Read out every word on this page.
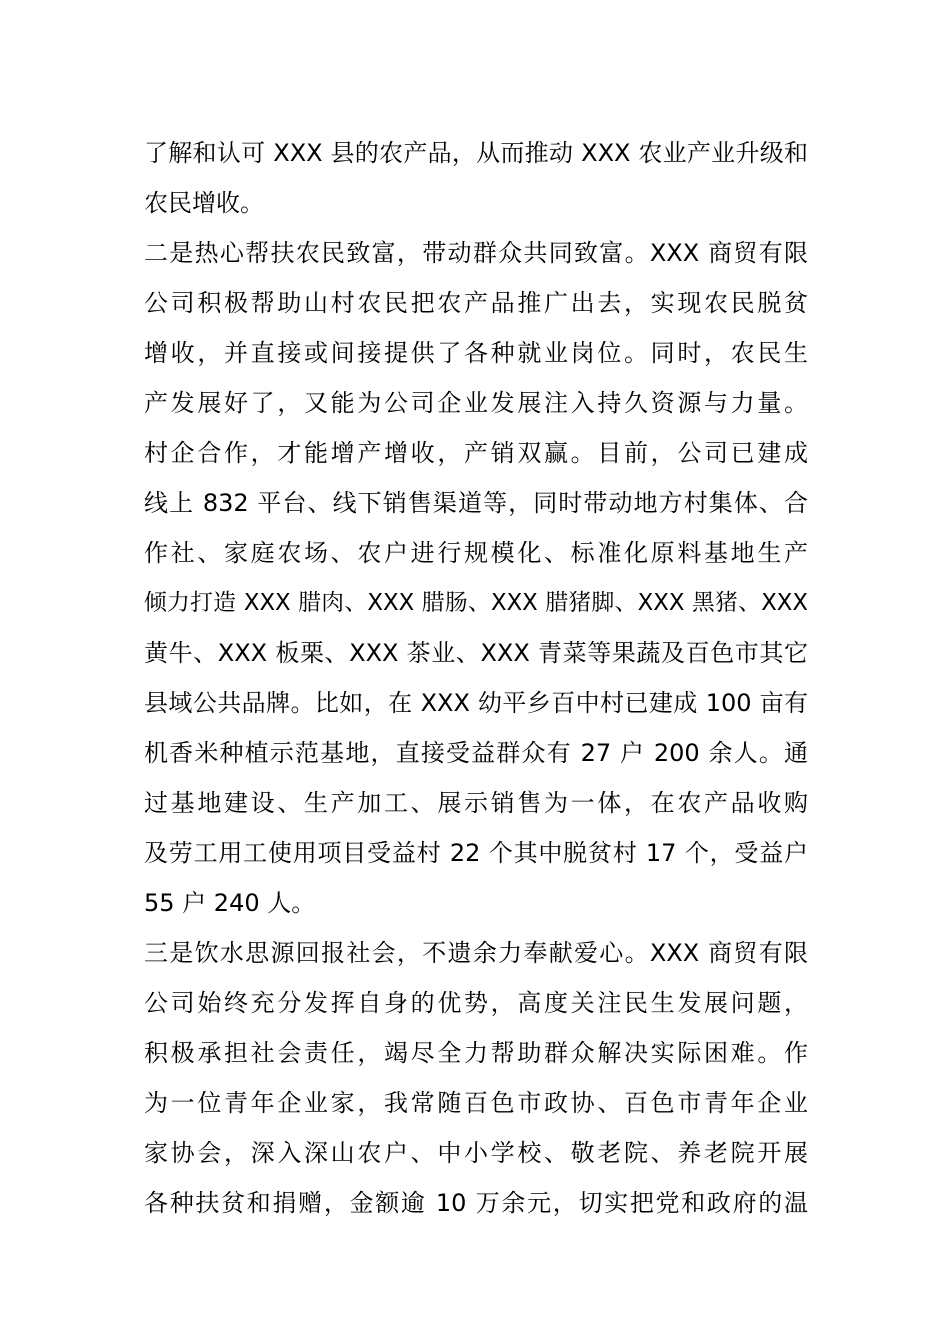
了解和认可 XXX 县的农产品，从而推动 XXX 农业产业升级和
农民增收。
二是热心帮扶农民致富，带动群众共同致富。XXX 商贸有限
公司积极帮助山村农民把农产品推广出去，实现农民脱贫
增收，并直接或间接提供了各种就业岗位。同时，农民生
产发展好了，又能为公司企业发展注入持久资源与力量。
村企合作，才能增产增收，产销双赢。目前，公司已建成
线上 832 平台、线下销售渠道等，同时带动地方村集体、合
作社、家庭农场、农户进行规模化、标准化原料基地生产
倾力打造 XXX 腊肉、XXX 腊肠、XXX 腊猪脚、XXX 黑猪、XXX
黄牛、XXX 板栗、XXX 茶业、XXX 青菜等果蔬及百色市其它
县域公共品牌。比如，在 XXX 幼平乡百中村已建成 100 亩有
机香米种植示范基地，直接受益群众有 27 户 200 余人。通
过基地建设、生产加工、展示销售为一体，在农产品收购
及劳工用工使用项目受益村 22 个其中脱贫村 17 个，受益户
55 户 240 人。
三是饮水思源回报社会，不遗余力奉献爱心。XXX 商贸有限
公司始终充分发挥自身的优势，高度关注民生发展问题，
积极承担社会责任，竭尽全力帮助群众解决实际困难。作
为一位青年企业家，我常随百色市政协、百色市青年企业
家协会，深入深山农户、中小学校、敬老院、养老院开展
各种扶贫和捐赠，金额逾 10 万余元，切实把党和政府的温
